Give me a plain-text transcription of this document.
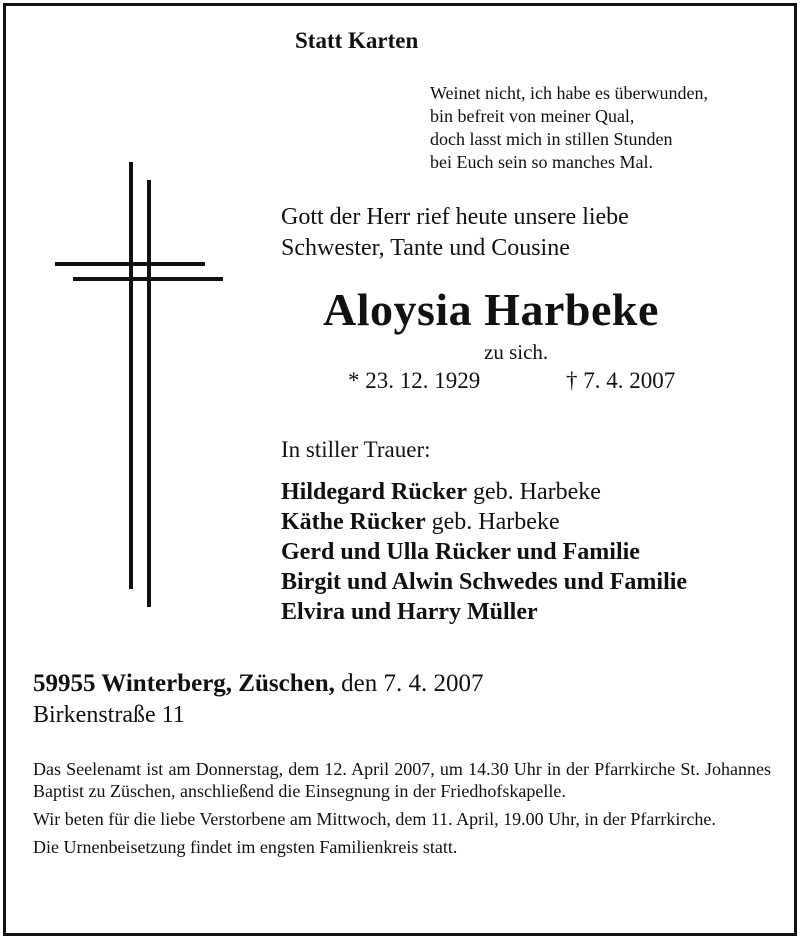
Statt Karten
Weinet nicht, ich habe es überwunden,
bin befreit von meiner Qual,
doch lasst mich in stillen Stunden
bei Euch sein so manches Mal.
Gott der Herr rief heute unsere liebe
Schwester, Tante und Cousine
Aloysia Harbeke
zu sich.
* 23. 12. 1929	† 7. 4. 2007
In stiller Trauer:
Hildegard Rücker geb. Harbeke
Käthe Rücker geb. Harbeke
Gerd und Ulla Rücker und Familie
Birgit und Alwin Schwedes und Familie
Elvira und Harry Müller
59955 Winterberg, Züschen, den 7. 4. 2007
Birkenstraße 11

Das Seelenamt ist am Donnerstag, dem 12. April 2007, um 14.30 Uhr in der Pfarrkirche St. Johannes Baptist zu Züschen, anschließend die Einsegnung in der Friedhofskapelle.

Wir beten für die liebe Verstorbene am Mittwoch, dem 11. April, 19.00 Uhr, in der Pfarrkirche.

Die Urnenbeisetzung findet im engsten Familienkreis statt.
